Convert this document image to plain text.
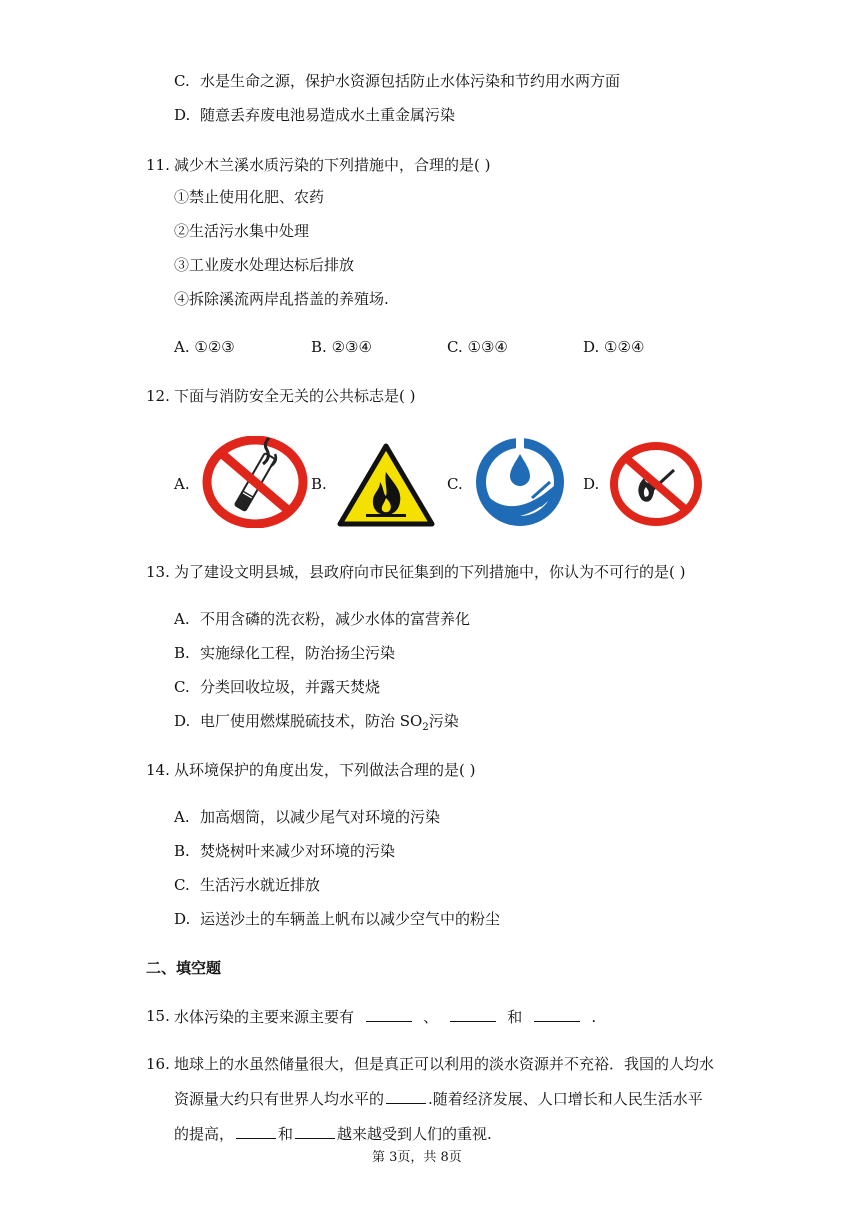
C. 水是生命之源，保护水资源包括防止水体污染和节约用水两方面
D. 随意丢弃废电池易造成水土重金属污染
11. 减少木兰溪水质污染的下列措施中，合理的是( )
①禁止使用化肥、农药
②生活污水集中处理
③工业废水处理达标后排放
④拆除溪流两岸乱搭盖的养殖场.
A. ①②③	B. ②③④	C. ①③④	D. ①②④
12. 下面与消防安全无关的公共标志是( )
A.	B.	C.	D.
13. 为了建设文明县城，县政府向市民征集到的下列措施中，你认为不可行的是( )
A. 不用含磷的洗衣粉，减少水体的富营养化
B. 实施绿化工程，防治扬尘污染
C. 分类回收垃圾，并露天焚烧
D. 电厂使用燃煤脱硫技术，防治 $SO_2$污染
14. 从环境保护的角度出发，下列做法合理的是( )
A. 加高烟筒，以减少尾气对环境的污染
B. 焚烧树叶来减少对环境的污染
C. 生活污水就近排放
D. 运送沙土的车辆盖上帆布以减少空气中的粉尘
二、填空题
15. 水体污染的主要来源主要有	、	和	.
16. 地球上的水虽然储量很大，但是真正可以利用的淡水资源并不充裕．我国的人均水
资源量大约只有世界人均水平的	.随着经济发展、人口增长和人民生活水平
的提高，	和	越来越受到人们的重视.
第 3页，共 8页
